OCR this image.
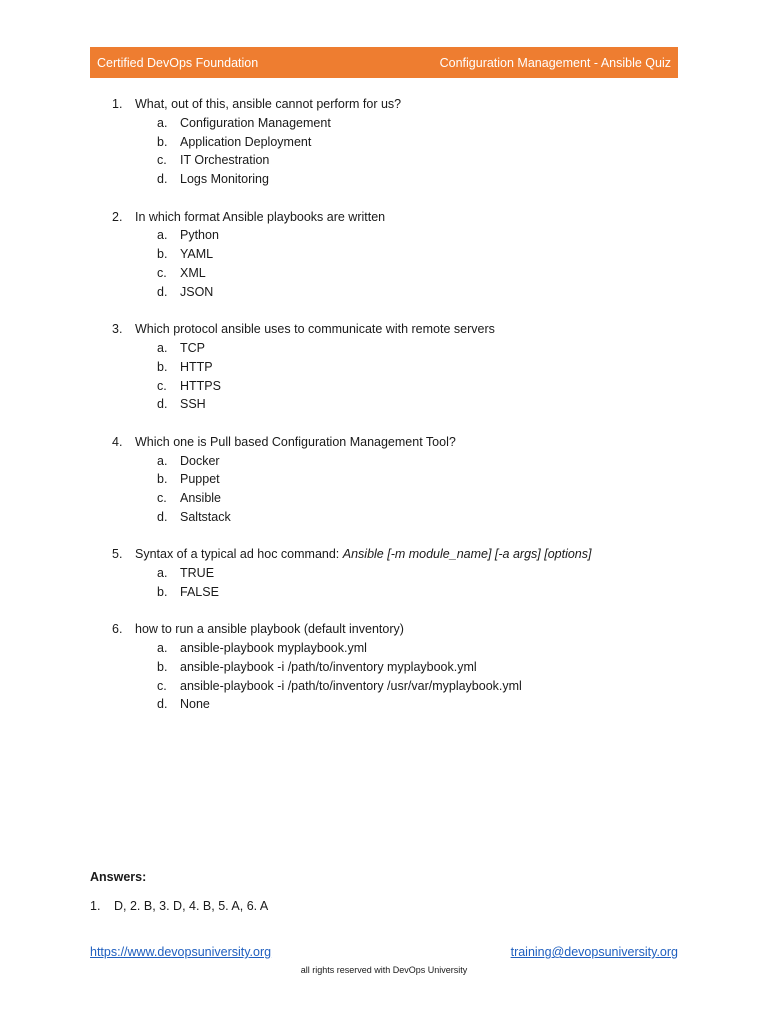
Certified DevOps Foundation	Configuration Management - Ansible Quiz
1.	What, out of this, ansible cannot perform for us?
a.	Configuration Management
b.	Application Deployment
c.	IT Orchestration
d.	Logs Monitoring
2.	In which format Ansible playbooks are written
a.	Python
b.	YAML
c.	XML
d.	JSON
3.	Which protocol ansible uses to communicate with remote servers
a.	TCP
b.	HTTP
c.	HTTPS
d.	SSH
4.	Which one is Pull based Configuration Management Tool?
a.	Docker
b.	Puppet
c.	Ansible
d.	Saltstack
5.	Syntax of a typical ad hoc command: Ansible [-m module_name] [-a args] [options]
a.	TRUE
b.	FALSE
6.	how to run a ansible playbook (default inventory)
a.	ansible-playbook myplaybook.yml
b.	ansible-playbook -i /path/to/inventory myplaybook.yml
c.	ansible-playbook -i /path/to/inventory /usr/var/myplaybook.yml
d.	None
Answers:
1.	D, 2. B, 3. D, 4. B, 5. A, 6. A
https://www.devopsuniversity.org	training@devopsuniversity.org
all rights reserved with DevOps University
